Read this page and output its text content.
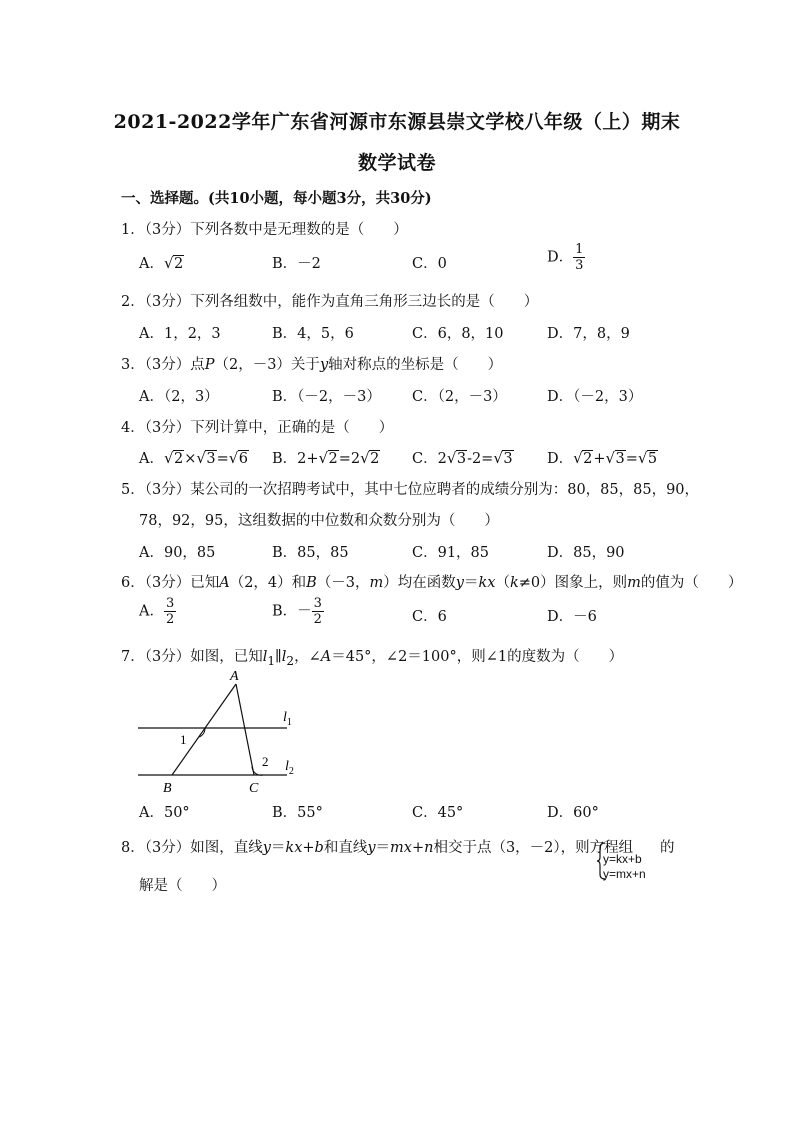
2021-2022学年广东省河源市东源县崇文学校八年级（上）期末
数学试卷
一、选择题。(共10小题，每小题3分，共30分)
1．（3分）下列各数中是无理数的是（　　）
A． √ 2	B．－2	C．0	D． $\frac{1}{3}$
2．（3分）下列各组数中，能作为直角三角形三边长的是（　　）
A．1，2，3	B．4，5，6	C．6，8，10	D．7，8，9
3．（3分）点P（2，－3）关于y轴对称点的坐标是（　　）
A．（2，3）	B．（－2，－3） C．（2，－3）	D．（－2，3）
4．（3分）下列计算中，正确的是（　　）
A． √ 2× √ 3= √ 6 B．2+ √ 2=2 √ 2 C．2 √ 3-2= √ 3 D． √ 2+ √ 3= √ 5
5．（3分）某公司的一次招聘考试中，其中七位应聘者的成绩分别为：80，85，85，90，
78，92，95，这组数据的中位数和众数分别为（　　）
A．90，85	B．85，85	C．91，85	D．85，90
6．（3分）已知A（2，4）和B（－3，m）均在函数y＝kx（k≠0）图象上，则m的值为（　　）
A． $\frac{3}{2}$	B．－ $\frac{3}{2}$	C．6	D．－6
7．（3分）如图，已知$l_1\parallel l_2$，∠A＝45°，∠2＝100°，则∠1的度数为（　　）
A
B	C
1
2
$l_1$
$l_2$
A．50°	B．55°	C．45°	D．60°
8．（3分）如图，直线y＝kx+b和直线y＝mx+n相交于点（3，－2），则方程组
y=kx+b
y=mx+n
的
解是（　　）
